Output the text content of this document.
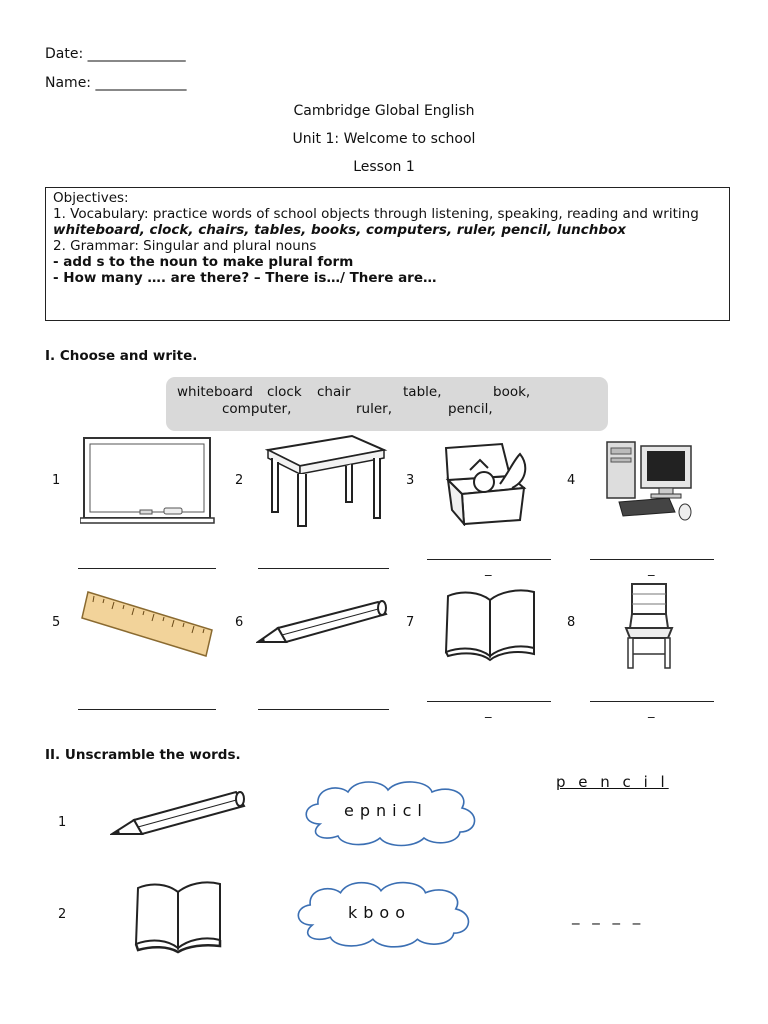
Date: ______________
Name: _____________
Cambridge Global English
Unit 1: Welcome to school
Lesson 1
Objectives:
1. Vocabulary: practice words of school objects through listening, speaking, reading and writing
whiteboard, clock, chairs, tables, books, computers, ruler, pencil, lunchbox
2. Grammar: Singular and plural nouns
- add s to the noun to make plural form
- How many …. are there? – There is…/ There are…
I. Choose and write.
whiteboard clock chair	table,	book,
computer,	ruler,	pencil,
1	2	3	4
_	_
5	6	7	8
_	_
II. Unscramble the words.
1
epnicl
p e n c i l
2	kboo	_ _ _ _
